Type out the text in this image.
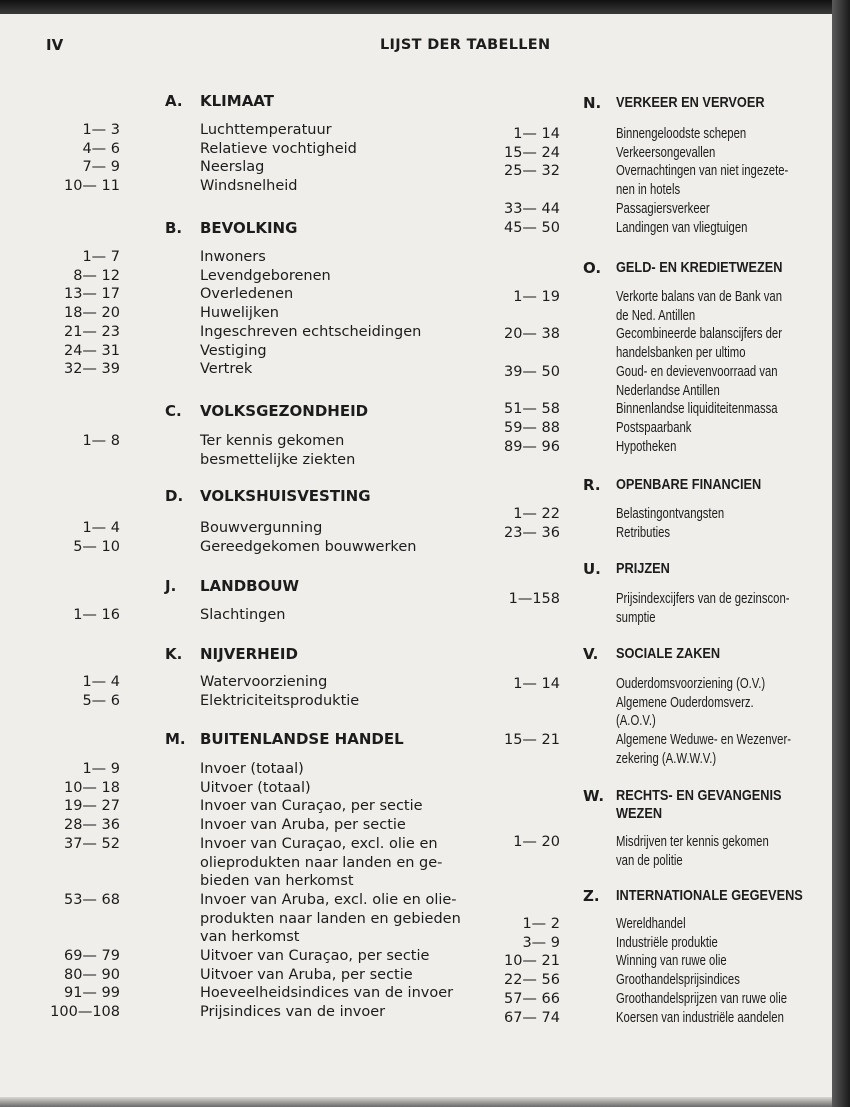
IV	LIJST DER TABELLEN
A. KLIMAAT
1— 3	Luchttemperatuur
4— 6	Relatieve vochtigheid
7— 9	Neerslag
10— 11	Windsnelheid
B. BEVOLKING
1— 7	Inwoners
8— 12	Levendgeborenen
13— 17	Overledenen
18— 20	Huwelijken
21— 23	Ingeschreven echtscheidingen
24— 31	Vestiging
32— 39	Vertrek
C. VOLKSGEZONDHEID
1— 8	Ter kennis gekomen
besmettelijke ziekten
D. VOLKSHUISVESTING
1— 4	Bouwvergunning
5— 10	Gereedgekomen bouwwerken
J. LANDBOUW
1— 16	Slachtingen
K. NIJVERHEID
1— 4	Watervoorziening
5— 6	Elektriciteitsproduktie
M. BUITENLANDSE HANDEL
1— 9	Invoer (totaal)
10— 18	Uitvoer (totaal)
19— 27	Invoer van Curaçao, per sectie
28— 36	Invoer van Aruba, per sectie
37— 52	Invoer van Curaçao, excl. olie en
olieprodukten naar landen en ge-
bieden van herkomst
53— 68	Invoer van Aruba, excl. olie en olie-
produkten naar landen en gebieden
van herkomst
69— 79	Uitvoer van Curaçao, per sectie
80— 90	Uitvoer van Aruba, per sectie
91— 99	Hoeveelheidsindices van de invoer
100—108	Prijsindices van de invoer
N. VERKEER EN VERVOER
1— 14	Binnengeloodste schepen
15— 24	Verkeersongevallen
25— 32	Overnachtingen van niet ingezete-
nen in hotels
33— 44	Passagiersverkeer
45— 50	Landingen van vliegtuigen
O. GELD- EN KREDIETWEZEN
1— 19	Verkorte balans van de Bank van
de Ned. Antillen
20— 38	Gecombineerde balanscijfers der
handelsbanken per ultimo
39— 50	Goud- en devievenvoorraad van
Nederlandse Antillen
51— 58	Binnenlandse liquiditeitenmassa
59— 88	Postspaarbank
89— 96	Hypotheken
R. OPENBARE FINANCIEN
1— 22	Belastingontvangsten
23— 36	Retributies
U. PRIJZEN
1—158	Prijsindexcijfers van de gezinscon-
sumptie
V. SOCIALE ZAKEN
1— 14	Ouderdomsvoorziening (O.V.)
Algemene Ouderdomsverz.
(A.O.V.)
15— 21	Algemene Weduwe- en Wezenver-
zekering (A.W.W.V.)
W. RECHTS- EN GEVANGENIS
WEZEN
1— 20	Misdrijven ter kennis gekomen
van de politie
Z. INTERNATIONALE GEGEVENS
1— 2	Wereldhandel
3— 9	Industriële produktie
10— 21	Winning van ruwe olie
22— 56	Groothandelsprijsindices
57— 66	Groothandelsprijzen van ruwe olie
67— 74	Koersen van industriële aandelen
